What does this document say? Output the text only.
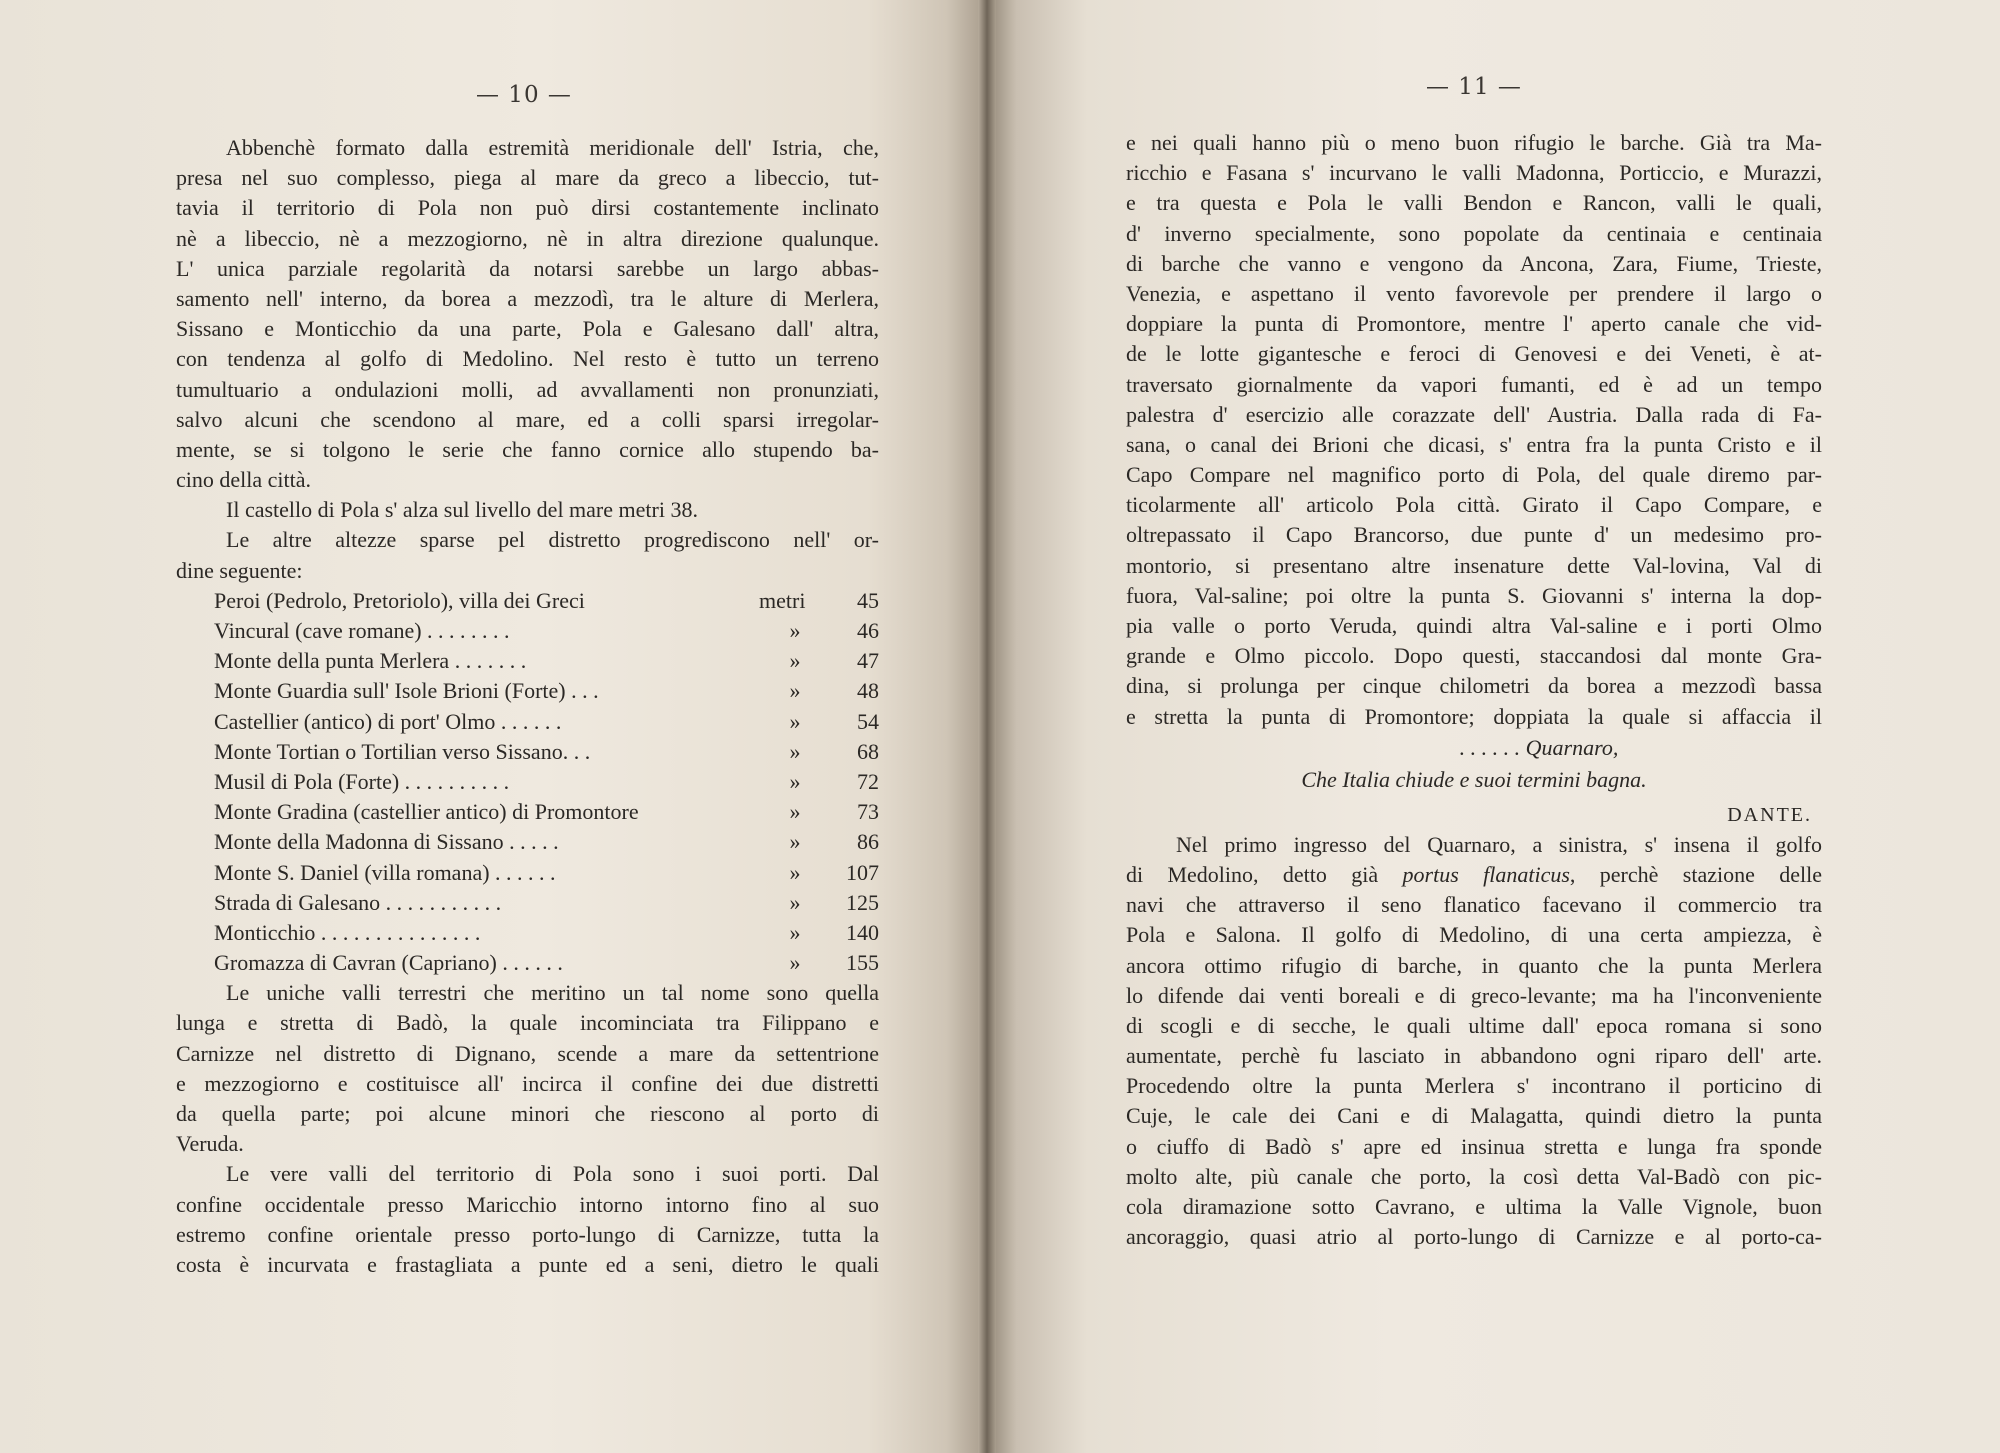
— 10 —
Abbenchè formato dalla estremità meridionale dell' Istria, che,
presa nel suo complesso, piega al mare da greco a libeccio, tut-
tavia il territorio di Pola non può dirsi costantemente inclinato
nè a libeccio, nè a mezzogiorno, nè in altra direzione qualunque.
L' unica parziale regolarità da notarsi sarebbe un largo abbas-
samento nell' interno, da borea a mezzodì, tra le alture di Merlera,
Sissano e Monticchio da una parte, Pola e Galesano dall' altra,
con tendenza al golfo di Medolino. Nel resto è tutto un terreno
tumultuario a ondulazioni molli, ad avvallamenti non pronunziati,
salvo alcuni che scendono al mare, ed a colli sparsi irregolar-
mente, se si tolgono le serie che fanno cornice allo stupendo ba-
cino della città.
Il castello di Pola s' alza sul livello del mare metri 38.
Le altre altezze sparse pel distretto progrediscono nell' or-
dine seguente:
Peroi (Pedrolo, Pretoriolo), villa dei Greci	metri	45
Vincural (cave romane) . . . . . . . .	»	46
Monte della punta Merlera . . . . . . .	»	47
Monte Guardia sull' Isole Brioni (Forte) . . .	»	48
Castellier (antico) di port' Olmo . . . . . .	»	54
Monte Tortian o Tortilian verso Sissano. . .	»	68
Musil di Pola (Forte) . . . . . . . . . .	»	72
Monte Gradina (castellier antico) di Promontore	»	73
Monte della Madonna di Sissano . . . . .	»	86
Monte S. Daniel (villa romana) . . . . . .	»	107
Strada di Galesano . . . . . . . . . . .	»	125
Monticchio . . . . . . . . . . . . . . .	»	140
Gromazza di Cavran (Capriano) . . . . . .	»	155
Le uniche valli terrestri che meritino un tal nome sono quella
lunga e stretta di Badò, la quale incominciata tra Filippano e
Carnizze nel distretto di Dignano, scende a mare da settentrione
e mezzogiorno e costituisce all' incirca il confine dei due distretti
da quella parte; poi alcune minori che riescono al porto di
Veruda.
Le vere valli del territorio di Pola sono i suoi porti. Dal
confine occidentale presso Maricchio intorno intorno fino al suo
estremo confine orientale presso porto-lungo di Carnizze, tutta la
costa è incurvata e frastagliata a punte ed a seni, dietro le quali
— 11 —
e nei quali hanno più o meno buon rifugio le barche. Già tra Ma-
ricchio e Fasana s' incurvano le valli Madonna, Porticcio, e Murazzi,
e tra questa e Pola le valli Bendon e Rancon, valli le quali,
d' inverno specialmente, sono popolate da centinaia e centinaia
di barche che vanno e vengono da Ancona, Zara, Fiume, Trieste,
Venezia, e aspettano il vento favorevole per prendere il largo o
doppiare la punta di Promontore, mentre l' aperto canale che vid-
de le lotte gigantesche e feroci di Genovesi e dei Veneti, è at-
traversato giornalmente da vapori fumanti, ed è ad un tempo
palestra d' esercizio alle corazzate dell' Austria. Dalla rada di Fa-
sana, o canal dei Brioni che dicasi, s' entra fra la punta Cristo e il
Capo Compare nel magnifico porto di Pola, del quale diremo par-
ticolarmente all' articolo Pola città. Girato il Capo Compare, e
oltrepassato il Capo Brancorso, due punte d' un medesimo pro-
montorio, si presentano altre insenature dette Val-lovina, Val di
fuora, Val-saline; poi oltre la punta S. Giovanni s' interna la dop-
pia valle o porto Veruda, quindi altra Val-saline e i porti Olmo
grande e Olmo piccolo. Dopo questi, staccandosi dal monte Gra-
dina, si prolunga per cinque chilometri da borea a mezzodì bassa
e stretta la punta di Promontore; doppiata la quale si affaccia il
. . . . . . Quarnaro,
Che Italia chiude e suoi termini bagna.
DANTE.
Nel primo ingresso del Quarnaro, a sinistra, s' insena il golfo
di Medolino, detto già portus flanaticus, perchè stazione delle
navi che attraverso il seno flanatico facevano il commercio tra
Pola e Salona. Il golfo di Medolino, di una certa ampiezza, è
ancora ottimo rifugio di barche, in quanto che la punta Merlera
lo difende dai venti boreali e di greco-levante; ma ha l'inconveniente
di scogli e di secche, le quali ultime dall' epoca romana si sono
aumentate, perchè fu lasciato in abbandono ogni riparo dell' arte.
Procedendo oltre la punta Merlera s' incontrano il porticino di
Cuje, le cale dei Cani e di Malagatta, quindi dietro la punta
o ciuffo di Badò s' apre ed insinua stretta e lunga fra sponde
molto alte, più canale che porto, la così detta Val-Badò con pic-
cola diramazione sotto Cavrano, e ultima la Valle Vignole, buon
ancoraggio, quasi atrio al porto-lungo di Carnizze e al porto-ca-
